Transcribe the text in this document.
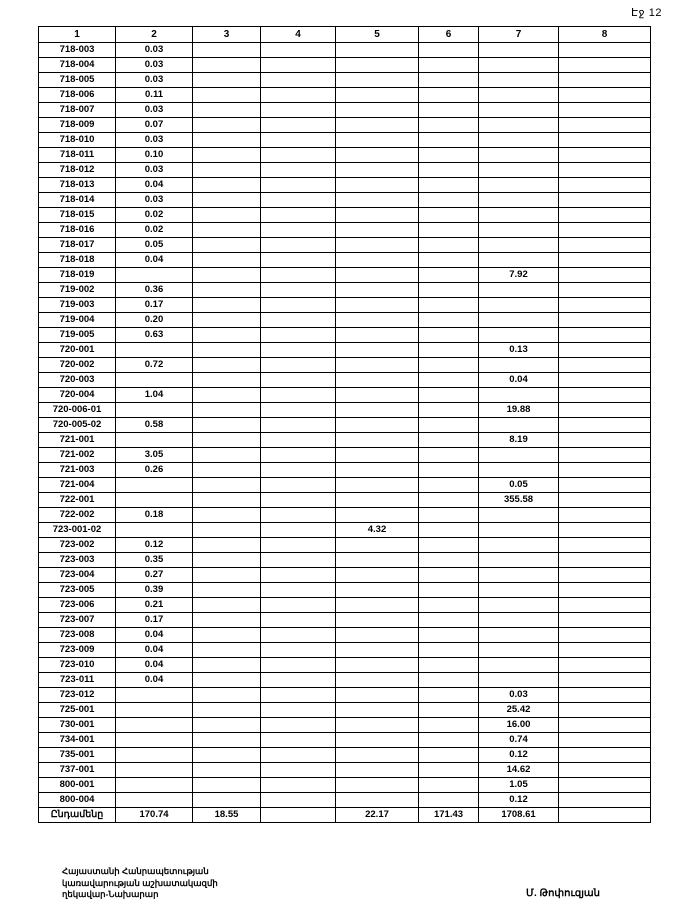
Էջ 12
1	2	3	4	5	6	7	8
718-003	0.03						
718-004	0.03						
718-005	0.03						
718-006	0.11						
718-007	0.03						
718-009	0.07						
718-010	0.03						
718-011	0.10						
718-012	0.03						
718-013	0.04						
718-014	0.03						
718-015	0.02						
718-016	0.02						
718-017	0.05						
718-018	0.04						
718-019						7.92	
719-002	0.36						
719-003	0.17						
719-004	0.20						
719-005	0.63						
720-001						0.13	
720-002	0.72						
720-003						0.04	
720-004	1.04						
720-006-01						19.88	
720-005-02	0.58						
721-001						8.19	
721-002	3.05						
721-003	0.26						
721-004						0.05	
722-001						355.58	
722-002	0.18						
723-001-02				4.32			
723-002	0.12						
723-003	0.35						
723-004	0.27						
723-005	0.39						
723-006	0.21						
723-007	0.17						
723-008	0.04						
723-009	0.04						
723-010	0.04						
723-011	0.04						
723-012						0.03	
725-001						25.42	
730-001						16.00	
734-001						0.74	
735-001						0.12	
737-001						14.62	
800-001						1.05	
800-004						0.12	
Ընդամենը	170.74	18.55		22.17	171.43	1708.61	
Հայաստանի Հանրապետության
կառավարության աշխատակազմի
ղեկավար-Նախարար	Մ. Թոփուզյան
